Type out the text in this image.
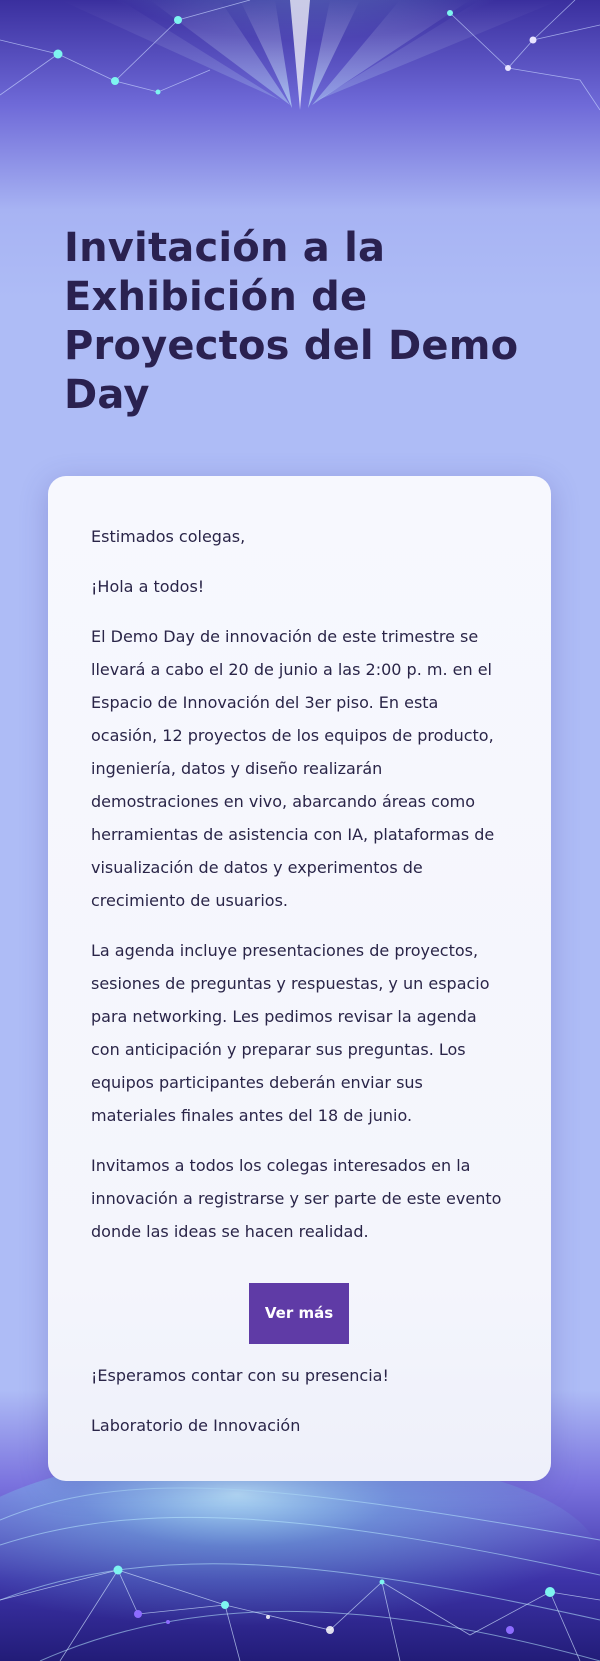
Invitación a la Exhibición de Proyectos del Demo Day

Estimados colegas,

¡Hola a todos!

El Demo Day de innovación de este trimestre se llevará a cabo el 20 de junio a las 2:00 p. m. en el Espacio de Innovación del 3er piso. En esta ocasión, 12 proyectos de los equipos de producto, ingeniería, datos y diseño realizarán demostraciones en vivo, abarcando áreas como herramientas de asistencia con IA, plataformas de visualización de datos y experimentos de crecimiento de usuarios.

La agenda incluye presentaciones de proyectos, sesiones de preguntas y respuestas, y un espacio para networking. Les pedimos revisar la agenda con anticipación y preparar sus preguntas. Los equipos participantes deberán enviar sus materiales finales antes del 18 de junio.

Invitamos a todos los colegas interesados en la innovación a registrarse y ser parte de este evento donde las ideas se hacen realidad.

Ver más

¡Esperamos contar con su presencia!

Laboratorio de Innovación
